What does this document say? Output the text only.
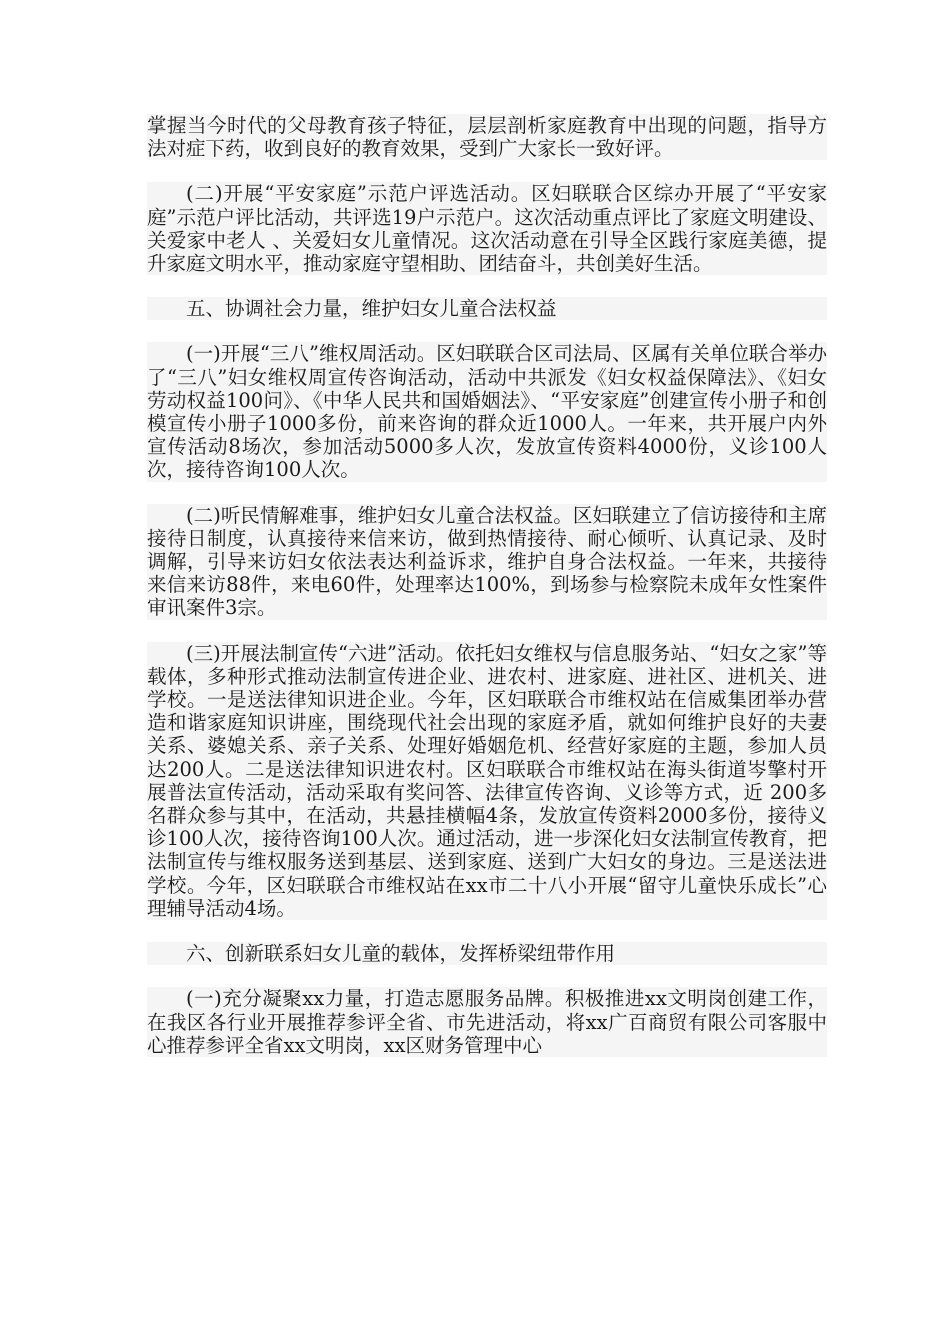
掌握当今时代的父母教育孩子特征，层层剖析家庭教育中出现的问题，指导方法对症下药，收到良好的教育效果，受到广大家长一致好评。

(二)开展“平安家庭”示范户评选活动。区妇联联合区综办开展了“平安家庭”示范户评比活动，共评选19户示范户。这次活动重点评比了家庭文明建设、关爱家中老人 、关爱妇女儿童情况。这次活动意在引导全区践行家庭美德，提升家庭文明水平，推动家庭守望相助、团结奋斗，共创美好生活。

五、协调社会力量，维护妇女儿童合法权益

(一)开展“三八”维权周活动。区妇联联合区司法局、区属有关单位联合举办了“三八”妇女维权周宣传咨询活动，活动中共派发《妇女权益保障法》、《妇女劳动权益100问》、《中华人民共和国婚姻法》、“平安家庭”创建宣传小册子和创模宣传小册子1000多份，前来咨询的群众近1000人。一年来，共开展户内外宣传活动8场次，参加活动5000多人次，发放宣传资料4000份，义诊100人次，接待咨询100人次。

(二)听民情解难事，维护妇女儿童合法权益。区妇联建立了信访接待和主席接待日制度，认真接待来信来访，做到热情接待、耐心倾听、认真记录、及时调解，引导来访妇女依法表达利益诉求，维护自身合法权益。一年来，共接待来信来访88件，来电60件，处理率达100%，到场参与检察院未成年女性案件审讯案件3宗。

(三)开展法制宣传“六进”活动。依托妇女维权与信息服务站、“妇女之家”等载体，多种形式推动法制宣传进企业、进农村、进家庭、进社区、进机关、进学校。一是送法律知识进企业。今年，区妇联联合市维权站在信威集团举办营造和谐家庭知识讲座，围绕现代社会出现的家庭矛盾，就如何维护良好的夫妻关系、婆媳关系、亲子关系、处理好婚姻危机、经营好家庭的主题，参加人员达200人。二是送法律知识进农村。区妇联联合市维权站在海头街道岑擎村开展普法宣传活动，活动采取有奖问答、法律宣传咨询、义诊等方式，近 200多名群众参与其中，在活动，共悬挂横幅4条，发放宣传资料2000多份，接待义诊100人次，接待咨询100人次。通过活动，进一步深化妇女法制宣传教育，把法制宣传与维权服务送到基层、送到家庭、送到广大妇女的身边。三是送法进学校。今年，区妇联联合市维权站在xx市二十八小开展“留守儿童快乐成长”心理辅导活动4场。

六、创新联系妇女儿童的载体，发挥桥梁纽带作用

(一)充分凝聚xx力量，打造志愿服务品牌。积极推进xx文明岗创建工作，在我区各行业开展推荐参评全省、市先进活动，将xx广百商贸有限公司客服中心推荐参评全省xx文明岗，xx区财务管理中心
